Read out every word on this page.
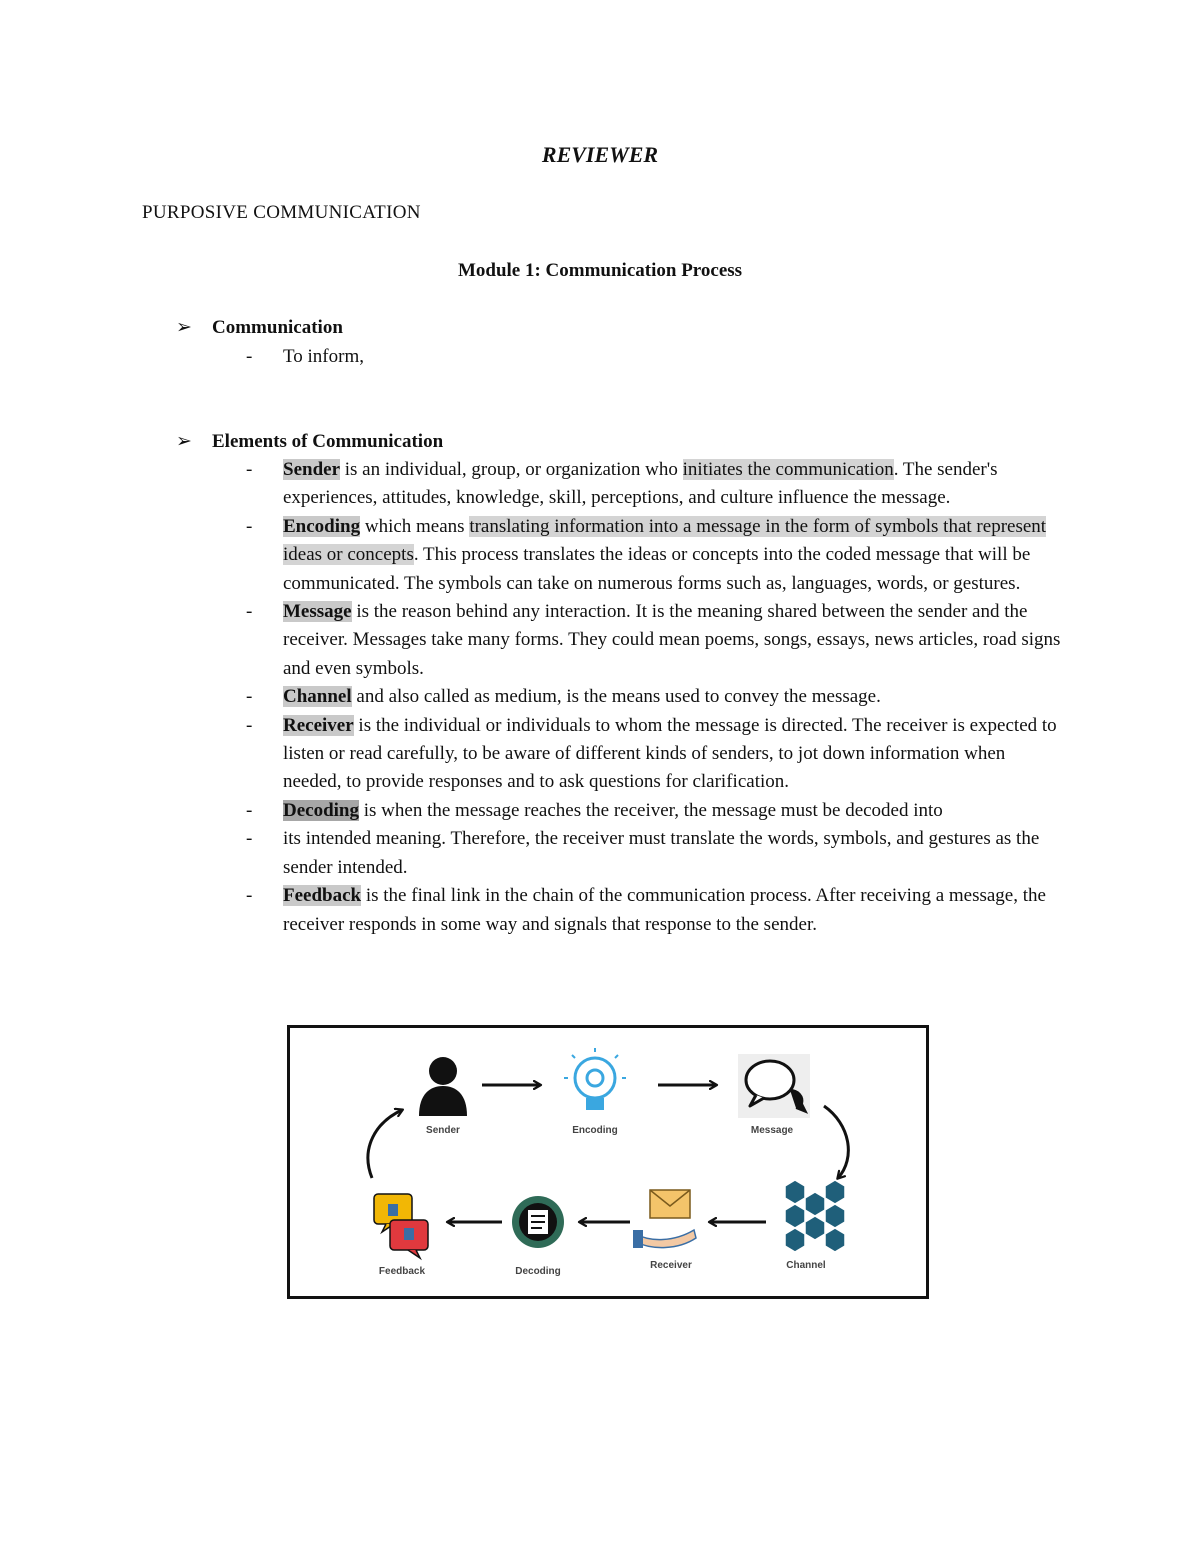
REVIEWER
PURPOSIVE COMMUNICATION
Module 1: Communication Process
➢ Communication
- To inform,
➢ Elements of Communication
- Sender is an individual, group, or organization who initiates the communication. The sender's experiences, attitudes, knowledge, skill, perceptions, and culture influence the message.
- Encoding which means translating information into a message in the form of symbols that represent ideas or concepts. This process translates the ideas or concepts into the coded message that will be communicated. The symbols can take on numerous forms such as, languages, words, or gestures.
- Message is the reason behind any interaction. It is the meaning shared between the sender and the receiver. Messages take many forms. They could mean poems, songs, essays, news articles, road signs and even symbols.
- Channel and also called as medium, is the means used to convey the message.
- Receiver is the individual or individuals to whom the message is directed. The receiver is expected to listen or read carefully, to be aware of different kinds of senders, to jot down information when needed, to provide responses and to ask questions for clarification.
- Decoding is when the message reaches the receiver, the message must be decoded into
- its intended meaning. Therefore, the receiver must translate the words, symbols, and gestures as the sender intended.
- Feedback is the final link in the chain of the communication process. After receiving a message, the receiver responds in some way and signals that response to the sender.
Sender	Encoding	Message
Channel
Receiver
Decoding
Feedback
